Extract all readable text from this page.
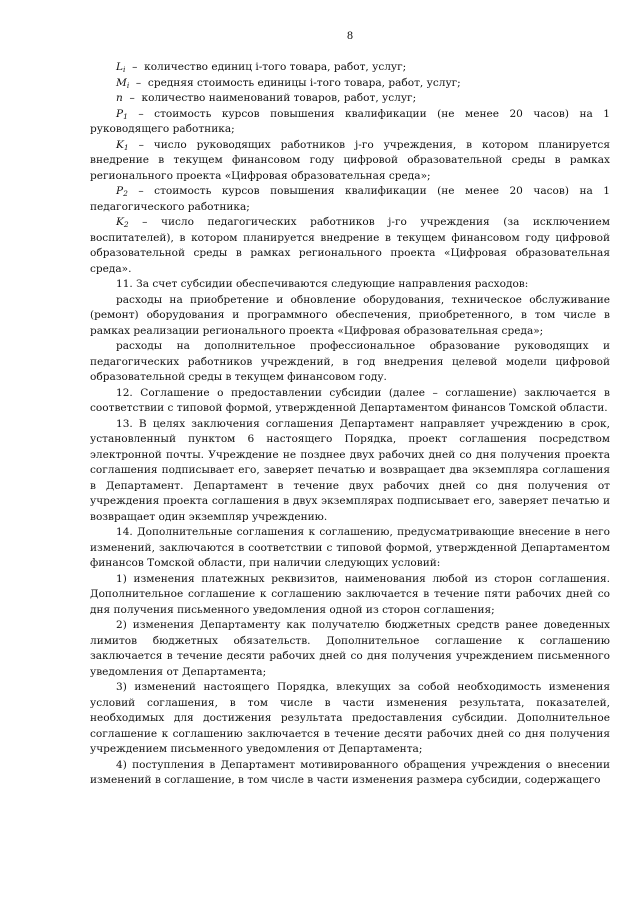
8
$L_i$  –  количество единиц i-того товара, работ, услуг;
$M_i$  –  средняя стоимость единицы i-того товара, работ, услуг;
n  –  количество наименований товаров, работ, услуг;
$P_1$ – стоимость курсов повышения квалификации (не менее 20 часов) на 1 руководящего работника;
$K_1$ – число руководящих работников j-го учреждения, в котором планируется внедрение в текущем финансовом году цифровой образовательной среды в рамках регионального проекта «Цифровая образовательная среда»;
$P_2$ – стоимость курсов повышения квалификации (не менее 20 часов) на 1 педагогического работника;
$K_2$ – число педагогических работников j-го учреждения (за исключением воспитателей), в котором планируется внедрение в текущем финансовом году цифровой образовательной среды в рамках регионального проекта «Цифровая образовательная среда».

11. За счет субсидии обеспечиваются следующие направления расходов:

расходы на приобретение и обновление оборудования, техническое обслуживание (ремонт) оборудования и программного обеспечения, приобретенного, в том числе в рамках реализации регионального проекта «Цифровая образовательная среда»;

расходы на дополнительное профессиональное образование руководящих и педагогических работников учреждений, в год внедрения целевой модели цифровой образовательной среды в текущем финансовом году.

12. Соглашение о предоставлении субсидии (далее – соглашение) заключается в соответствии с типовой формой, утвержденной Департаментом финансов Томской области.

13. В целях заключения соглашения Департамент направляет учреждению в срок, установленный пунктом 6 настоящего Порядка, проект соглашения посредством электронной почты. Учреждение не позднее двух рабочих дней со дня получения проекта соглашения подписывает его, заверяет печатью и возвращает два экземпляра соглашения в Департамент. Департамент в течение двух рабочих дней со дня получения от учреждения проекта соглашения в двух экземплярах подписывает его, заверяет печатью и возвращает один экземпляр учреждению.

14. Дополнительные соглашения к соглашению, предусматривающие внесение в него изменений, заключаются в соответствии с типовой формой, утвержденной Департаментом финансов Томской области, при наличии следующих условий:

1) изменения платежных реквизитов, наименования любой из сторон соглашения. Дополнительное соглашение к соглашению заключается в течение пяти рабочих дней со дня получения письменного уведомления одной из сторон соглашения;

2) изменения Департаменту как получателю бюджетных средств ранее доведенных лимитов бюджетных обязательств. Дополнительное соглашение к соглашению заключается в течение десяти рабочих дней со дня получения учреждением письменного уведомления от Департамента;

3) изменений настоящего Порядка, влекущих за собой необходимость изменения условий соглашения, в том числе в части изменения результата, показателей, необходимых для достижения результата предоставления субсидии. Дополнительное соглашение к соглашению заключается в течение десяти рабочих дней со дня получения учреждением письменного уведомления от Департамента;

4) поступления в Департамент мотивированного обращения учреждения о внесении изменений в соглашение, в том числе в части изменения размера субсидии, содержащего
